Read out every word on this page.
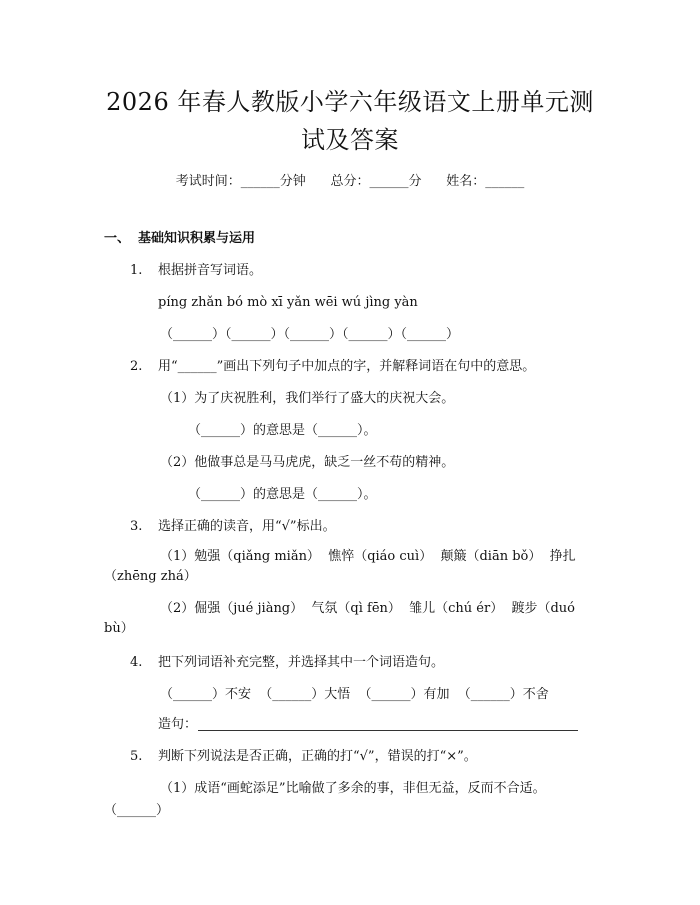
2026 年春人教版小学六年级语文上册单元测
试及答案
考试时间：______分钟      总分：______分      姓名：______
一、 基础知识积累与运用
1. 根据拼音写词语。
píng zhǎn bó mò xī yǎn wēi wú jìng yàn
（______）（______）（______）（______）（______）
2. 用“______”画出下列句子中加点的字，并解释词语在句中的意思。
（1）为了庆祝胜利，我们举行了盛大的庆祝大会。
（______）的意思是（______）。
（2）他做事总是马马虎虎，缺乏一丝不苟的精神。
（______）的意思是（______）。
3. 选择正确的读音，用“√”标出。
（1）勉强（qiǎng miǎn）  憔悴（qiáo cuì）  颠簸（diān bǒ）  挣扎
（zhēng zhá）
（2）倔强（jué jiàng）  气氛（qì fēn）  雏儿（chú ér）  踱步（duó
bù）
4. 把下列词语补充完整，并选择其中一个词语造句。
（______）不安  （______）大悟  （______）有加  （______）不舍
造句：
5. 判断下列说法是否正确，正确的打“√”，错误的打“×”。
（1）成语“画蛇添足”比喻做了多余的事，非但无益，反而不合适。
（______）
